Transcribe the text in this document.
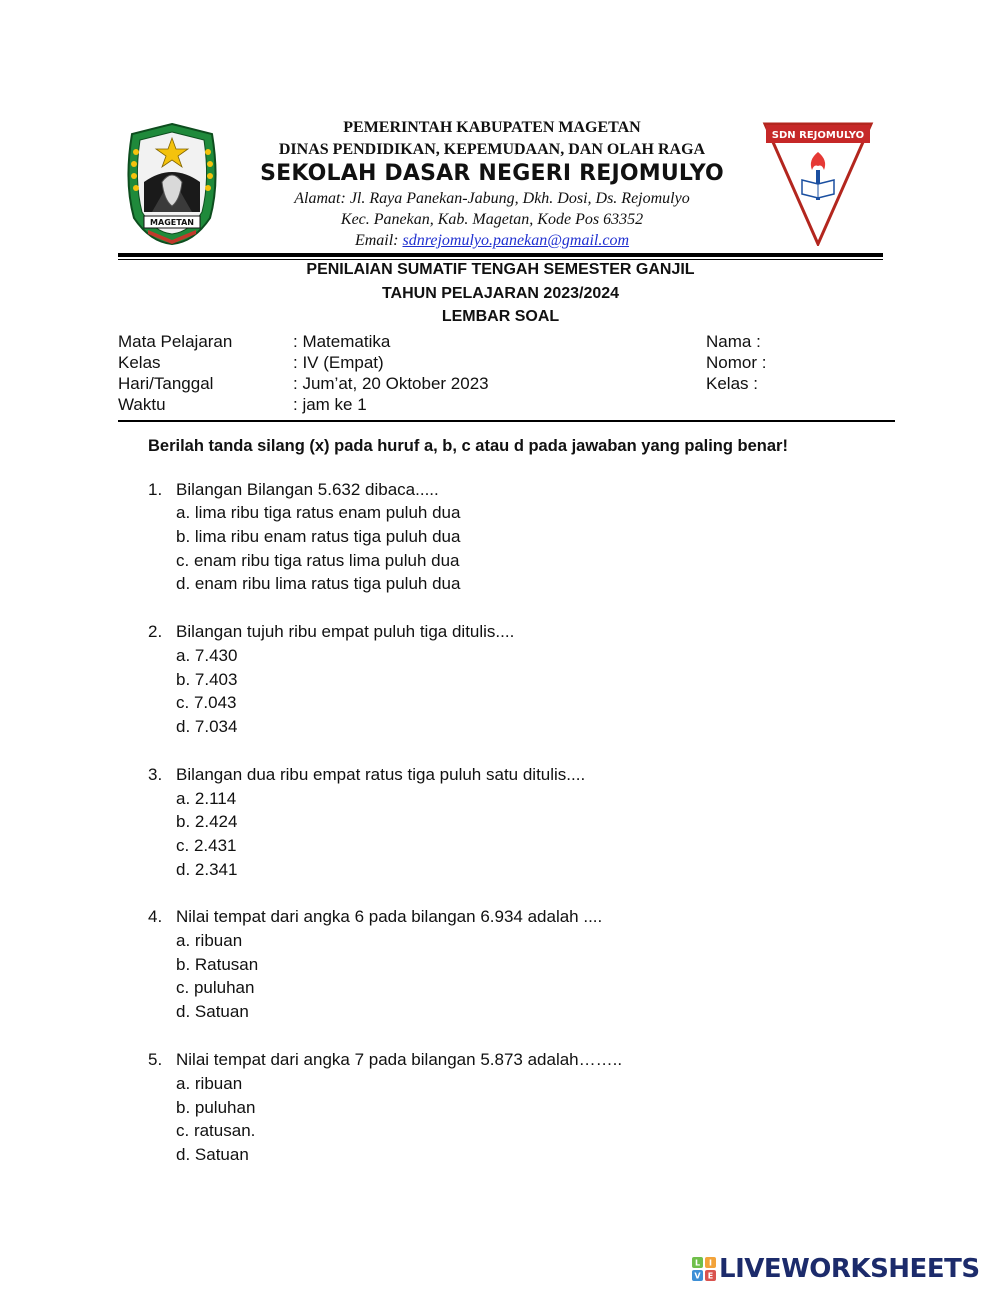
MAGETAN
SDN REJOMULYO
PEMERINTAH KABUPATEN MAGETAN
DINAS PENDIDIKAN, KEPEMUDAAN, DAN OLAH RAGA
SEKOLAH DASAR NEGERI REJOMULYO
Alamat: Jl. Raya Panekan-Jabung, Dkh. Dosi, Ds. Rejomulyo
Kec. Panekan, Kab. Magetan, Kode Pos 63352
Email: sdnrejomulyo.panekan@gmail.com
PENILAIAN SUMATIF TENGAH SEMESTER GANJIL
TAHUN PELAJARAN 2023/2024
LEMBAR SOAL
Mata Pelajaran	: Matematika	Nama :
Kelas	: IV (Empat)	Nomor :
Hari/Tanggal	: Jum’at, 20 Oktober 2023	Kelas :
Waktu	: jam ke 1
Berilah tanda silang (x) pada huruf a, b, c atau d pada jawaban yang paling benar!
1. Bilangan Bilangan 5.632 dibaca.....
a. lima ribu tiga ratus enam puluh dua
b. lima ribu enam ratus tiga puluh dua
c. enam ribu tiga ratus lima puluh dua
d. enam ribu lima ratus tiga puluh dua
2. Bilangan tujuh ribu empat puluh tiga ditulis....
a. 7.430
b. 7.403
c. 7.043
d. 7.034
3. Bilangan dua ribu empat ratus tiga puluh satu ditulis....
a. 2.114
b. 2.424
c. 2.431
d. 2.341
4. Nilai tempat dari angka 6 pada bilangan 6.934 adalah ....
a. ribuan
b. Ratusan
c. puluhan
d. Satuan
5. Nilai tempat dari angka 7 pada bilangan 5.873 adalah……..
a. ribuan
b. puluhan
c. ratusan.
d. Satuan
L I
V E LIVEWORKSHEETS
